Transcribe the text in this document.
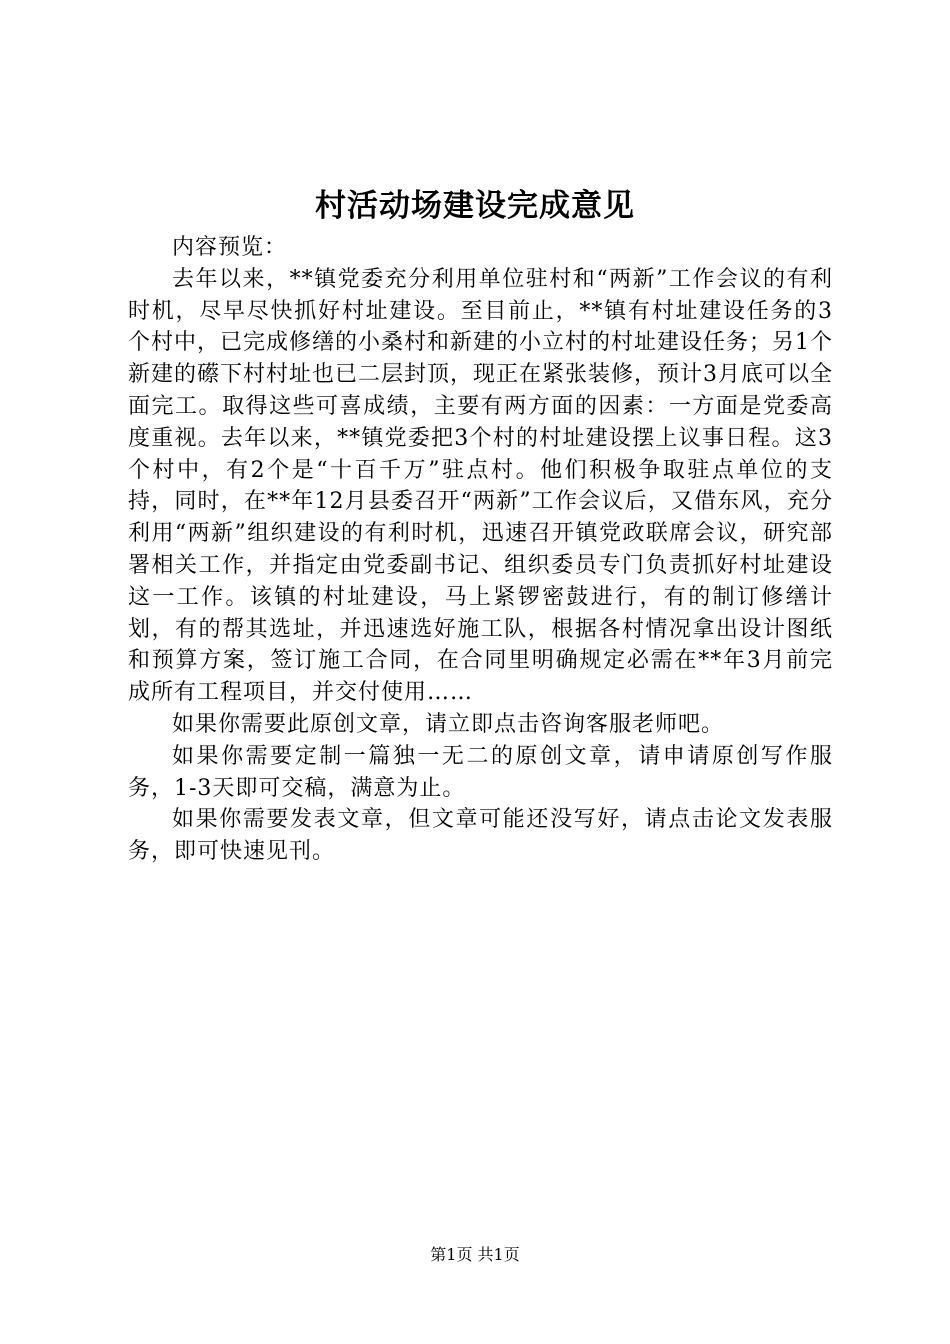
村活动场建设完成意见

内容预览：

去年以来，**镇党委充分利用单位驻村和“两新”工作会议的有利时机，尽早尽快抓好村址建设。至目前止，**镇有村址建设任务的3个村中，已完成修缮的小桑村和新建的小立村的村址建设任务；另1个新建的礤下村村址也已二层封顶，现正在紧张装修，预计3月底可以全面完工。取得这些可喜成绩，主要有两方面的因素：一方面是党委高度重视。去年以来，**镇党委把3个村的村址建设摆上议事日程。这3个村中，有2个是“十百千万”驻点村。他们积极争取驻点单位的支持，同时，在**年12月县委召开“两新”工作会议后，又借东风，充分利用“两新”组织建设的有利时机，迅速召开镇党政联席会议，研究部署相关工作，并指定由党委副书记、组织委员专门负责抓好村址建设这一工作。该镇的村址建设，马上紧锣密鼓进行，有的制订修缮计划，有的帮其选址，并迅速选好施工队，根据各村情况拿出设计图纸和预算方案，签订施工合同，在合同里明确规定必需在**年3月前完成所有工程项目，并交付使用……

如果你需要此原创文章，请立即点击咨询客服老师吧。

如果你需要定制一篇独一无二的原创文章，请申请原创写作服务，1-3天即可交稿，满意为止。

如果你需要发表文章，但文章可能还没写好，请点击论文发表服务，即可快速见刊。

第1页 共1页
